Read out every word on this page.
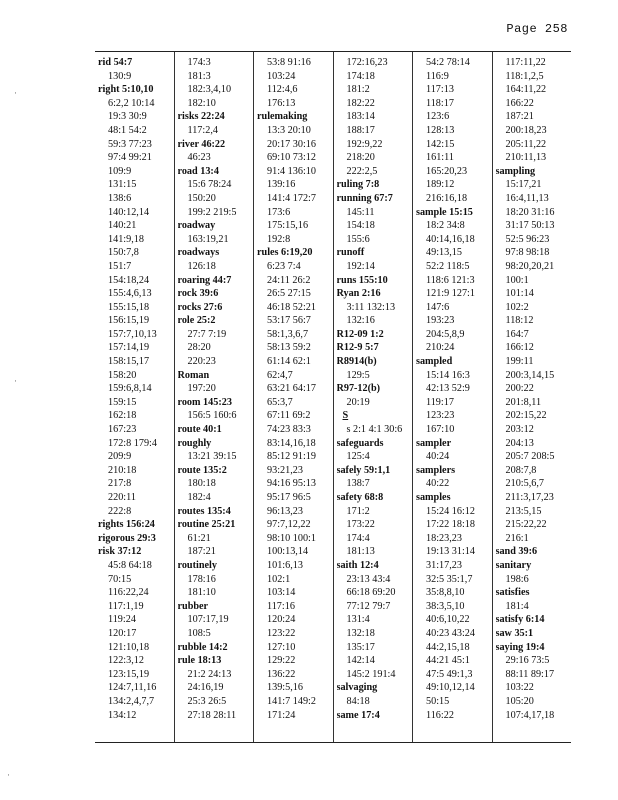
Page 258
rid 54:7
130:9
right 5:10,10
6:2,2 10:14
19:3 30:9
48:1 54:2
59:3 77:23
97:4 99:21
109:9
131:15
138:6
140:12,14
140:21
141:9,18
150:7,8
151:7
154:18,24
155:4,6,13
155:15,18
156:15,19
157:7,10,13
157:14,19
158:15,17
158:20
159:6,8,14
159:15
162:18
167:23
172:8 179:4
209:9
210:18
217:8
220:11
222:8
rights 156:24
rigorous 29:3
risk 37:12
45:8 64:18
70:15
116:22,24
117:1,19
119:24
120:17
121:10,18
122:3,12
123:15,19
124:7,11,16
134:2,4,7,7
134:12
174:3
181:3
182:3,4,10
182:10
risks 22:24
117:2,4
river 46:22
46:23
road 13:4
15:6 78:24
150:20
199:2 219:5
roadway
163:19,21
roadways
126:18
roaring 44:7
rock 39:6
rocks 27:6
role 25:2
27:7 7:19
28:20
220:23
Roman
197:20
room 145:23
156:5 160:6
route 40:1
roughly
13:21 39:15
route 135:2
180:18
182:4
routes 135:4
routine 25:21
61:21
187:21
routinely
178:16
181:10
rubber
107:17,19
108:5
rubble 14:2
rule 18:13
21:2 24:13
24:16,19
25:3 26:5
27:18 28:11
53:8 91:16
103:24
112:4,6
176:13
rulemaking
13:3 20:10
20:17 30:16
69:10 73:12
91:4 136:10
139:16
141:4 172:7
173:6
175:15,16
192:8
rules 6:19,20
6:23 7:4
24:11 26:2
26:5 27:15
46:18 52:21
53:17 56:7
58:1,3,6,7
58:13 59:2
61:14 62:1
62:4,7
63:21 64:17
65:3,7
67:11 69:2
74:23 83:3
83:14,16,18
85:12 91:19
93:21,23
94:16 95:13
95:17 96:5
96:13,23
97:7,12,22
98:10 100:1
100:13,14
101:6,13
102:1
103:14
117:16
120:24
123:22
127:10
129:22
136:22
139:5,16
141:7 149:2
171:24
172:16,23
174:18
181:2
182:22
183:14
188:17
192:9,22
218:20
222:2,5
ruling 7:8
running 67:7
145:11
154:18
155:6
runoff
192:14
runs 155:10
Ryan 2:16
3:11 132:13
132:16
R12-09 1:2
R12-9 5:7
R8914(b)
129:5
R97-12(b)
20:19
S
s 2:1 4:1 30:6
safeguards
125:4
safely 59:1,1
138:7
safety 68:8
171:2
173:22
174:4
181:13
saith 12:4
23:13 43:4
66:18 69:20
77:12 79:7
131:4
132:18
135:17
142:14
145:2 191:4
salvaging
84:18
same 17:4
54:2 78:14
116:9
117:13
118:17
123:6
128:13
142:15
161:11
165:20,23
189:12
216:16,18
sample 15:15
18:2 34:8
40:14,16,18
49:13,15
52:2 118:5
118:6 121:3
121:9 127:1
147:6
193:23
204:5,8,9
210:24
sampled
15:14 16:3
42:13 52:9
119:17
123:23
167:10
sampler
40:24
samplers
40:22
samples
15:24 16:12
17:22 18:18
18:23,23
19:13 31:14
31:17,23
32:5 35:1,7
35:8,8,10
38:3,5,10
40:6,10,22
40:23 43:24
44:2,15,18
44:21 45:1
47:5 49:1,3
49:10,12,14
50:15
116:22
117:11,22
118:1,2,5
164:11,22
166:22
187:21
200:18,23
205:11,22
210:11,13
sampling
15:17,21
16:4,11,13
18:20 31:16
31:17 50:13
52:5 96:23
97:8 98:18
98:20,20,21
100:1
101:14
102:2
118:12
164:7
166:12
199:11
200:3,14,15
200:22
201:8,11
202:15,22
203:12
204:13
205:7 208:5
208:7,8
210:5,6,7
211:3,17,23
213:5,15
215:22,22
216:1
sand 39:6
sanitary
198:6
satisfies
181:4
satisfy 6:14
saw 35:1
saying 19:4
29:16 73:5
88:11 89:17
103:22
105:20
107:4,17,18
·
·
·
